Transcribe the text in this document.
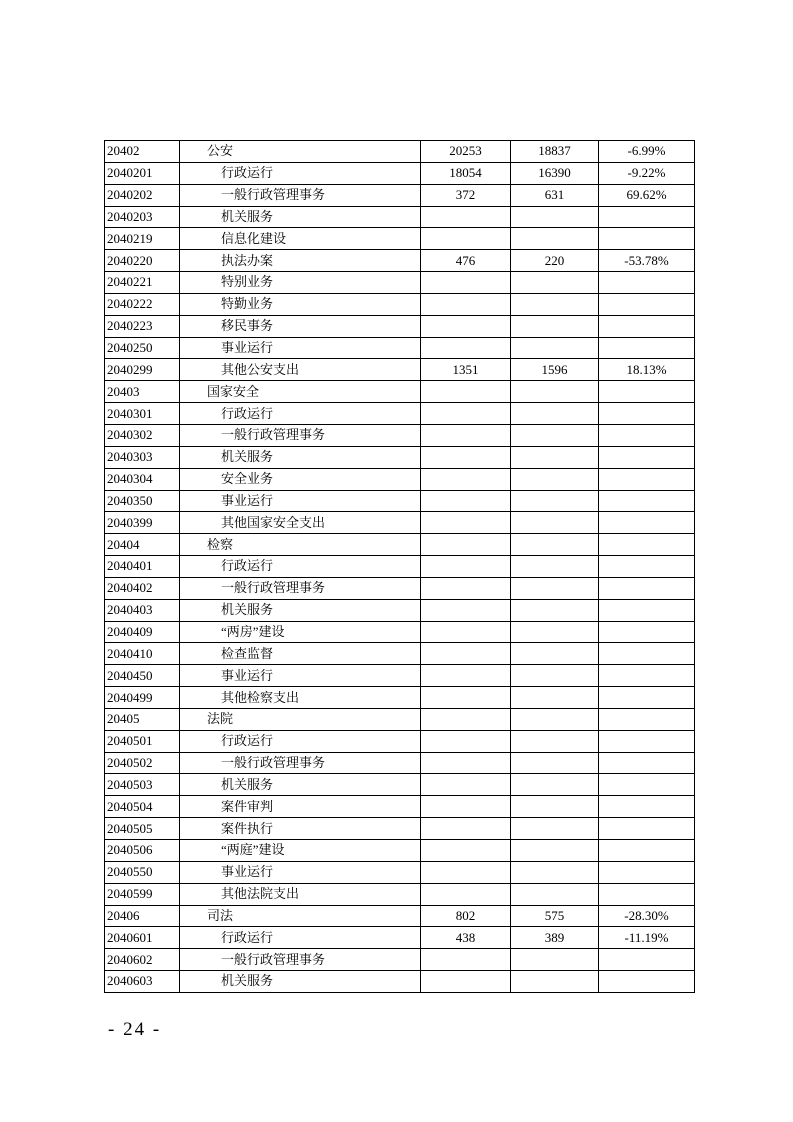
20402	公安	20253	18837	-6.99%
2040201	行政运行	18054	16390	-9.22%
2040202	一般行政管理事务	372	631	69.62%
2040203	机关服务			
2040219	信息化建设			
2040220	执法办案	476	220	-53.78%
2040221	特别业务			
2040222	特勤业务			
2040223	移民事务			
2040250	事业运行			
2040299	其他公安支出	1351	1596	18.13%
20403	国家安全			
2040301	行政运行			
2040302	一般行政管理事务			
2040303	机关服务			
2040304	安全业务			
2040350	事业运行			
2040399	其他国家安全支出			
20404	检察			
2040401	行政运行			
2040402	一般行政管理事务			
2040403	机关服务			
2040409	“两房”建设			
2040410	检查监督			
2040450	事业运行			
2040499	其他检察支出			
20405	法院			
2040501	行政运行			
2040502	一般行政管理事务			
2040503	机关服务			
2040504	案件审判			
2040505	案件执行			
2040506	“两庭”建设			
2040550	事业运行			
2040599	其他法院支出			
20406	司法	802	575	-28.30%
2040601	行政运行	438	389	-11.19%
2040602	一般行政管理事务			
2040603	机关服务			
- 24 -
